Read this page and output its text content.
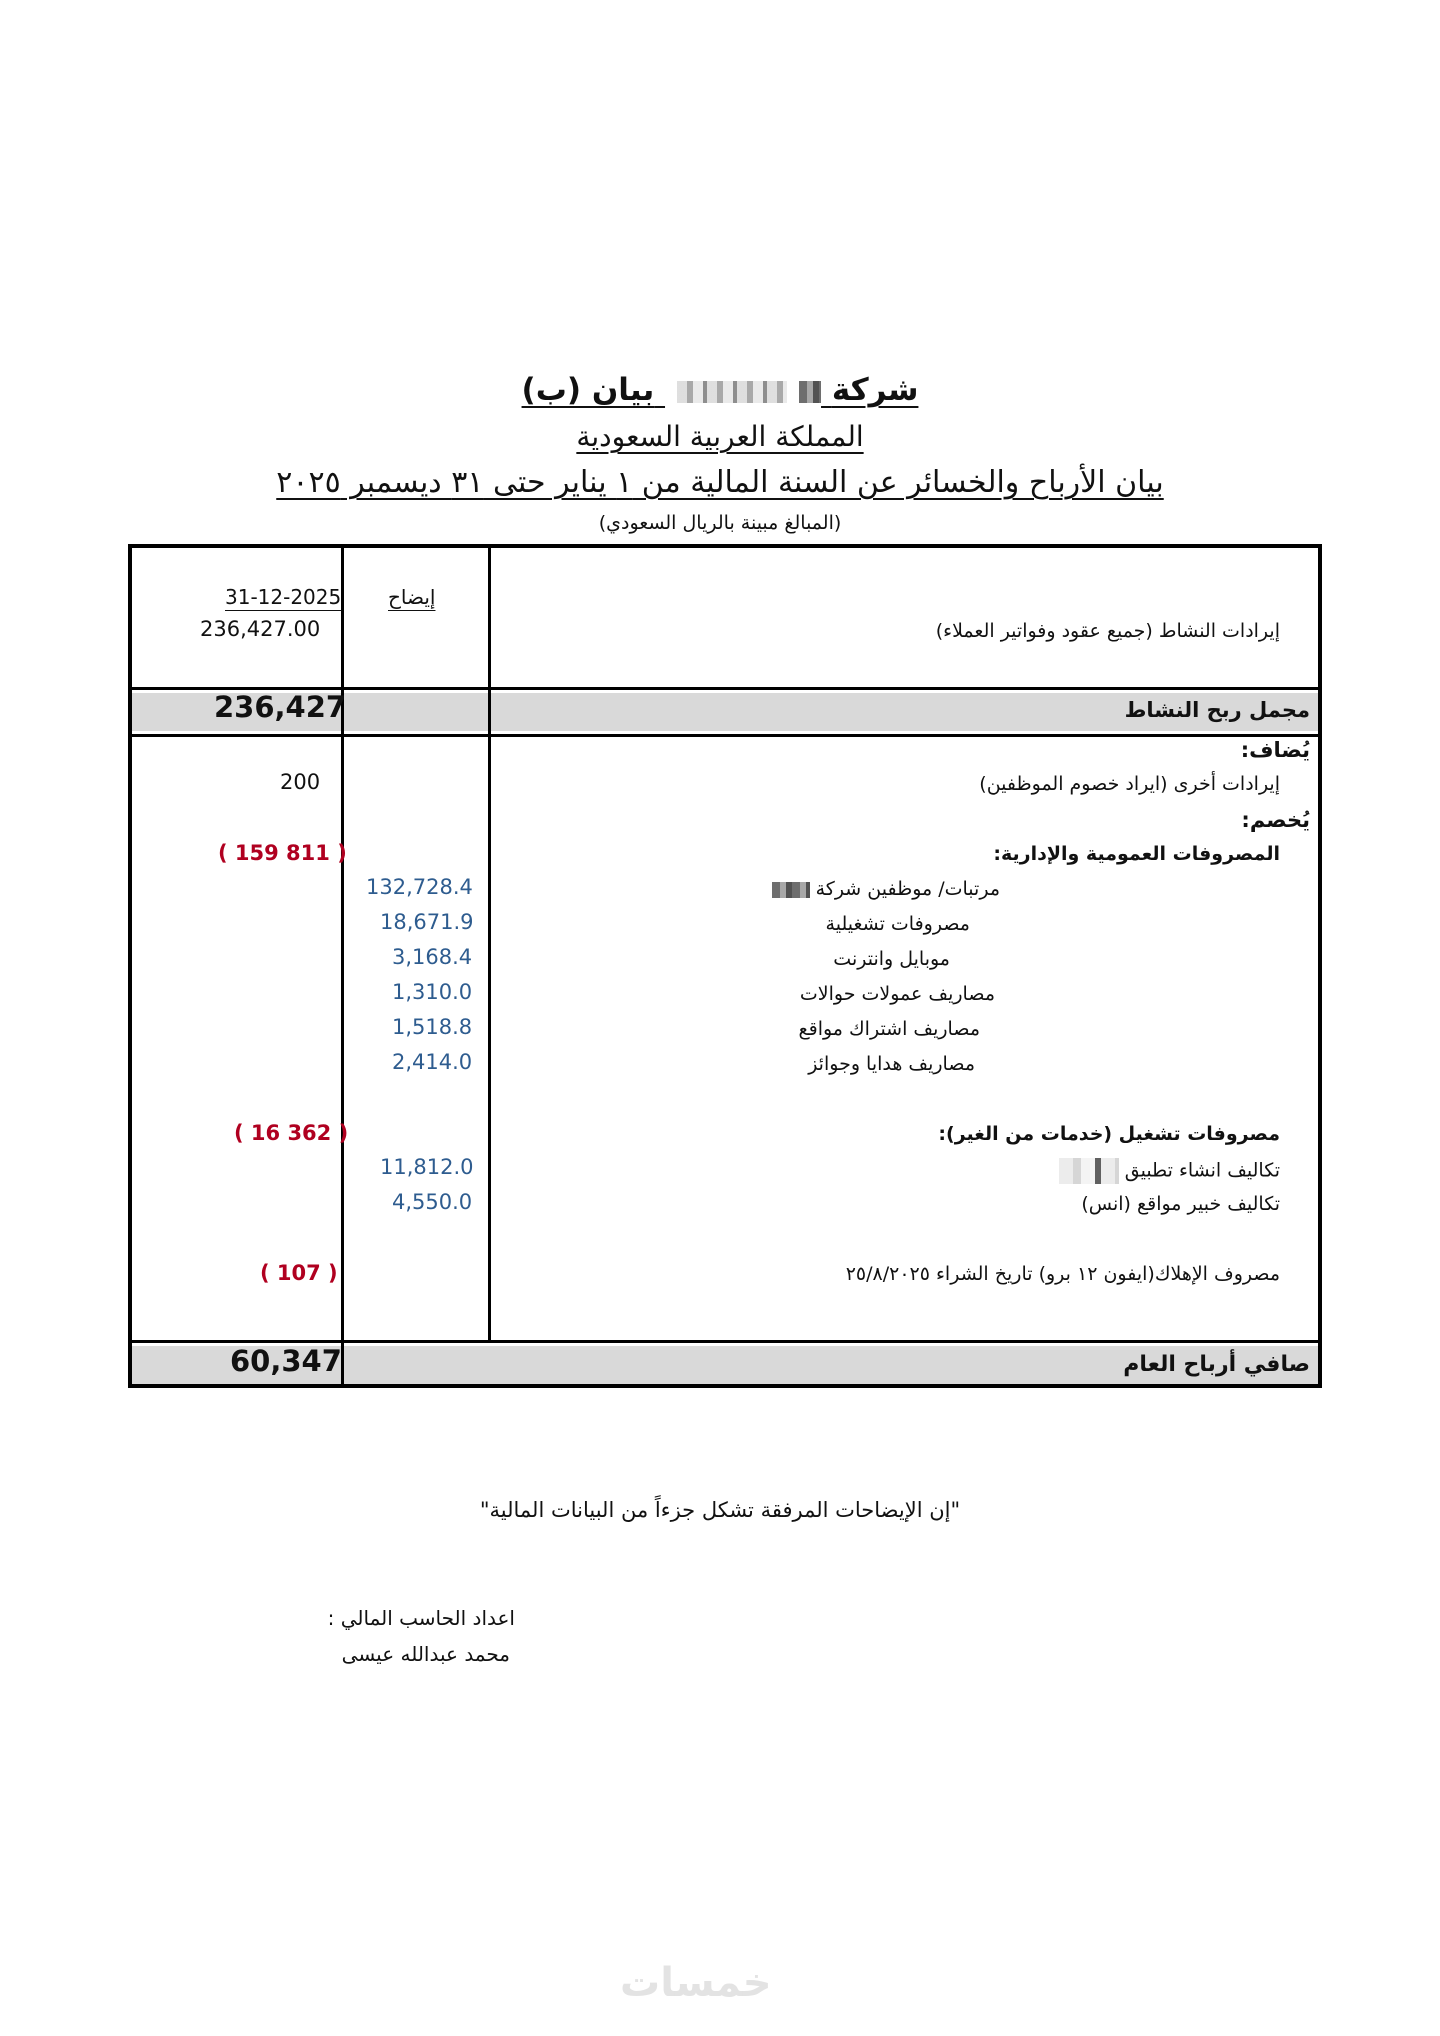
شركة  بيان (ب)
المملكة العربية السعودية
بيان الأرباح والخسائر عن السنة المالية من ١ يناير حتى ٣١ ديسمبر ٢٠٢٥
(المبالغ مبينة بالريال السعودي)
31-12-2025 إيضاح
إيرادات النشاط (جميع عقود وفواتير العملاء)
236,427.00
مجمل ربح النشاط
236,427
يُضاف:
إيرادات أخرى (ايراد خصوم الموظفين)
200
يُخصم:
المصروفات العمومية والإدارية:
( 159 811 )
مرتبات/ موظفين شركة
132,728.4
مصروفات تشغيلية
18,671.9
موبايل وانترنت
3,168.4
مصاريف عمولات حوالات
1,310.0
مصاريف اشتراك مواقع
1,518.8
مصاريف هدايا وجوائز
2,414.0
مصروفات تشغيل (خدمات من الغير):
( 16 362 )
تكاليف انشاء تطبيق
11,812.0
تكاليف خبير مواقع (انس)
4,550.0
مصروف الإهلاك(ايفون ١٢ برو) تاريخ الشراء ٢٥/٨/٢٠٢٥
( 107 )
صافي أرباح العام
60,347
"إن الإيضاحات المرفقة تشكل جزءاً من البيانات المالية"
اعداد الحاسب المالي :
محمد عبدالله عيسى
خمسات
